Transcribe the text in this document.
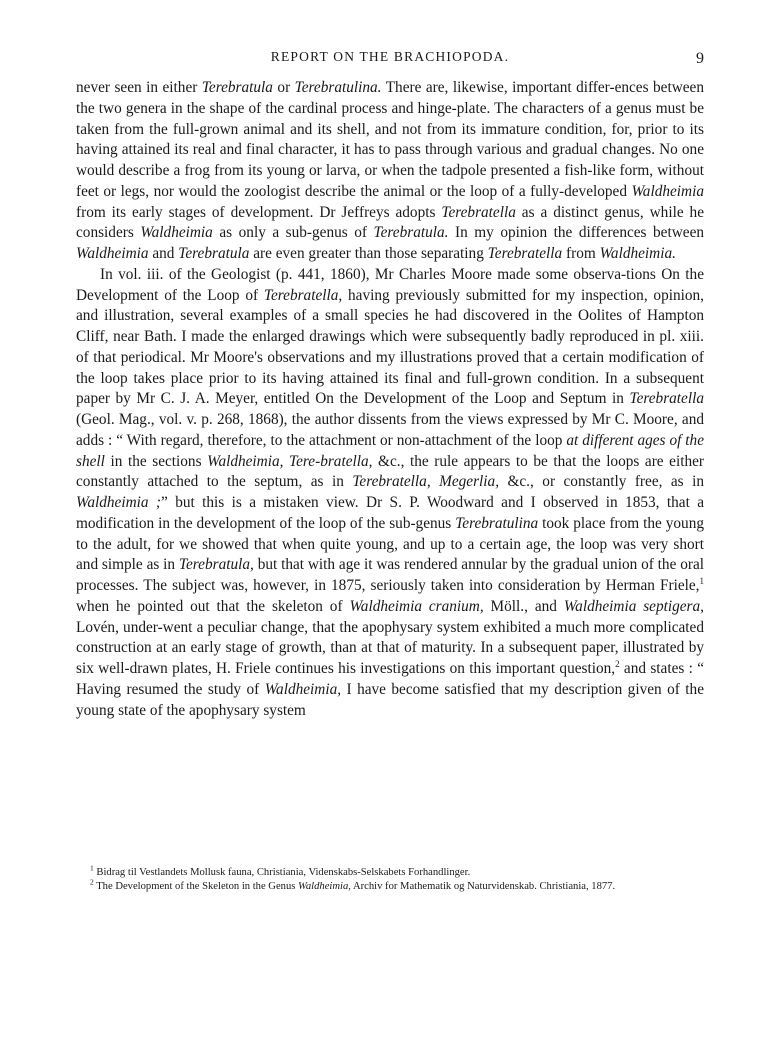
REPORT ON THE BRACHIOPODA.	9

never seen in either Terebratula or Terebratulina. There are, likewise, important differ-ences between the two genera in the shape of the cardinal process and hinge-plate. The characters of a genus must be taken from the full-grown animal and its shell, and not from its immature condition, for, prior to its having attained its real and final character, it has to pass through various and gradual changes. No one would describe a frog from its young or larva, or when the tadpole presented a fish-like form, without feet or legs, nor would the zoologist describe the animal or the loop of a fully-developed Waldheimia from its early stages of development. Dr Jeffreys adopts Terebratella as a distinct genus, while he considers Waldheimia as only a sub-genus of Terebratula. In my opinion the differences between Waldheimia and Terebratula are even greater than those separating Terebratella from Waldheimia.

In vol. iii. of the Geologist (p. 441, 1860), Mr Charles Moore made some observa-tions On the Development of the Loop of Terebratella, having previously submitted for my inspection, opinion, and illustration, several examples of a small species he had discovered in the Oolites of Hampton Cliff, near Bath. I made the enlarged drawings which were subsequently badly reproduced in pl. xiii. of that periodical. Mr Moore's observations and my illustrations proved that a certain modification of the loop takes place prior to its having attained its final and full-grown condition. In a subsequent paper by Mr C. J. A. Meyer, entitled On the Development of the Loop and Septum in Terebratella (Geol. Mag., vol. v. p. 268, 1868), the author dissents from the views expressed by Mr C. Moore, and adds : “ With regard, therefore, to the attachment or non-attachment of the loop at different ages of the shell in the sections Waldheimia, Tere-bratella, &c., the rule appears to be that the loops are either constantly attached to the septum, as in Terebratella, Megerlia, &c., or constantly free, as in Waldheimia ;” but this is a mistaken view. Dr S. P. Woodward and I observed in 1853, that a modification in the development of the loop of the sub-genus Terebratulina took place from the young to the adult, for we showed that when quite young, and up to a certain age, the loop was very short and simple as in Terebratula, but that with age it was rendered annular by the gradual union of the oral processes. The subject was, however, in 1875, seriously taken into consideration by Herman Friele,$^1$ when he pointed out that the skeleton of Waldheimia cranium, Möll., and Waldheimia septigera, Lovén, under-went a peculiar change, that the apophysary system exhibited a much more complicated construction at an early stage of growth, than at that of maturity. In a subsequent paper, illustrated by six well-drawn plates, H. Friele continues his investigations on this important question,$^2$ and states : “ Having resumed the study of Waldheimia, I have become satisfied that my description given of the young state of the apophysary system

$^1$ Bidrag til Vestlandets Mollusk fauna, Christiania, Videnskabs-Selskabets Forhandlinger.

$^2$ The Development of the Skeleton in the Genus Waldheimia, Archiv for Mathematik og Naturvidenskab. Christiania, 1877.
